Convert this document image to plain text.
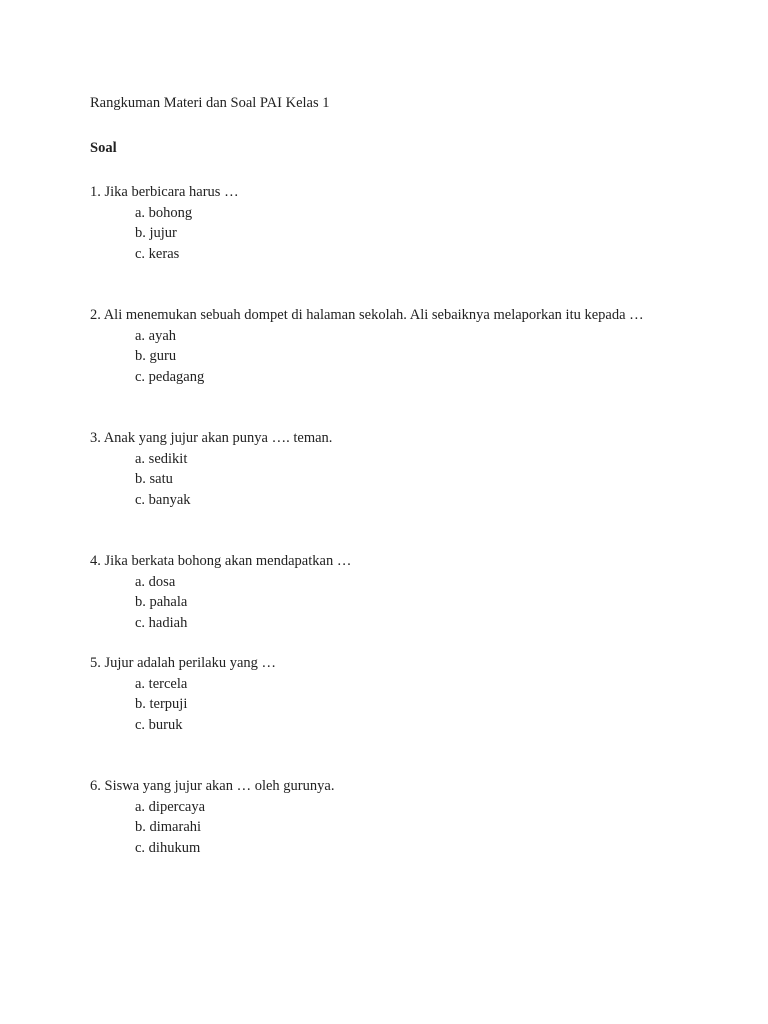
Rangkuman Materi dan Soal PAI Kelas 1
Soal
1. Jika berbicara harus …
a. bohong
b. jujur
c. keras
2. Ali menemukan sebuah dompet di halaman sekolah. Ali sebaiknya melaporkan itu kepada …
a. ayah
b. guru
c. pedagang
3. Anak yang jujur akan punya …. teman.
a. sedikit
b. satu
c. banyak
4. Jika berkata bohong akan mendapatkan …
a. dosa
b. pahala
c. hadiah
5. Jujur adalah perilaku yang …
a. tercela
b. terpuji
c. buruk
6. Siswa yang jujur akan … oleh gurunya.
a. dipercaya
b. dimarahi
c. dihukum
